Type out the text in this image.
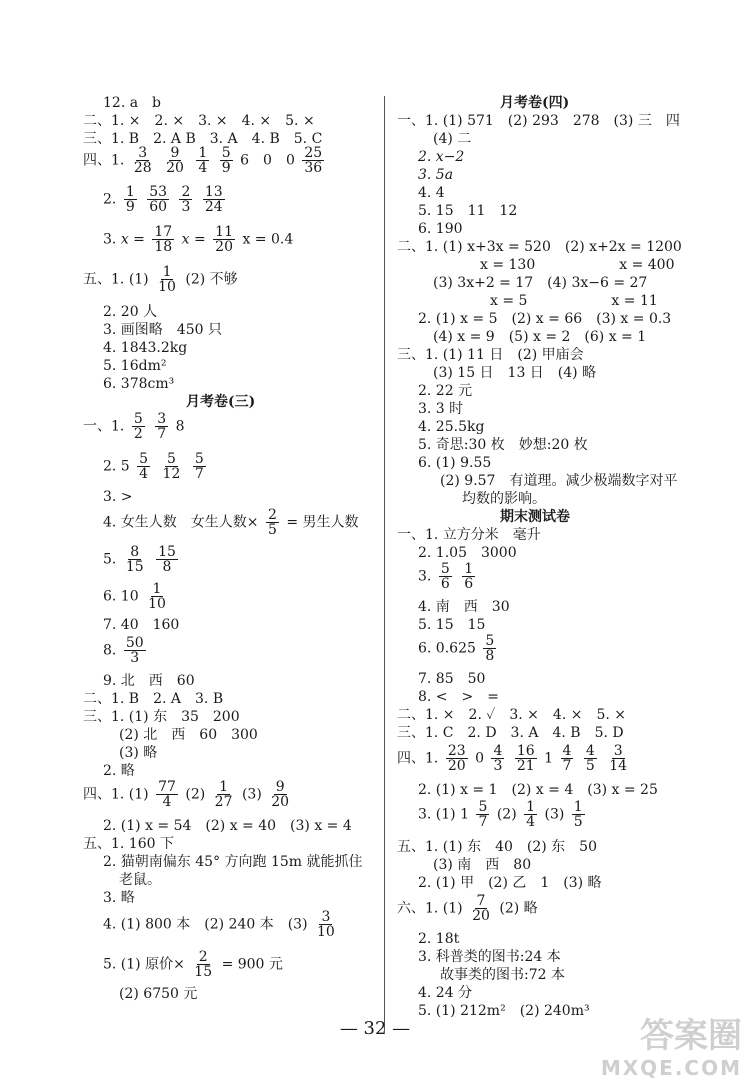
12. a　b
二、1. ×　2. ×　3. ×　4. ×　5. ×
三、1. B　2. A B　3. A　4. B　5. C
四、1. $\frac{3}{28}$
$\frac{9}{20}$
$\frac{1}{4}$
$\frac{5}{9} 6$　0　$0 \frac{25}{36}$
2. $\frac{1}{9}$
$\frac{53}{60}$
$\frac{2}{3}$
$\frac{13}{24}$
3. $x = \frac{17}{18}$ $x = \frac{11}{20}$ x = 0.4
五、1. $(1) \frac{1}{10} (2)$ 不够
2. 20 人
3. 画图略　450 只
4. 1843.2kg
5. 16dm²
6. 378cm³
月考卷(三)
一、1. $\frac{5}{2}$
$\frac{3}{7} 8$
2. $5 \frac{5}{4}$
$\frac{5}{12}$
$\frac{5}{7}$
3. >
4. 女生人数　女生人数× $\frac{2}{5}$ = 男生人数
5. $\frac{8}{15}$
$\frac{15}{8}$
6. $10 \frac{1}{10}$
7. 40　160
8. $\frac{50}{3}$
9. 北　西　60
二、1. B　2. A　3. B
三、1. (1) 东　35　200
(2) 北　西　60　300
(3) 略
2. 略
四、1. $(1) \frac{77}{4} (2) \frac{1}{27} (3) \frac{9}{20}$
2. (1) x = 54　(2) x = 40　(3) x = 4
五、1. 160 下
2. 猫朝南偏东 45° 方向跑 15m 就能抓住
老鼠。
3. 略
4. (1) 800 本　(2) 240 本　$(3) \frac{3}{10}$
5. (1) 原价× $\frac{2}{15} = 900$ 元
(2) 6750 元
月考卷(四)
一、1. (1) 571　(2) 293　278　(3) 三　四
(4) 二
2. x−2
3. 5a
4. 4
5. 15　11　12
6. 190
二、1. (1) x+3x = 520　(2) x+2x = 1200
x = 130　　　　　　x = 400
(3) 3x+2 = 17　(4) 3x−6 = 27
x = 5　　　　　　x = 11
2. (1) x = 5　(2) x = 66　(3) x = 0.3
(4) x = 9　(5) x = 2　(6) x = 1
三、1. (1) 11 日　(2) 甲庙会
(3) 15 日　13 日　(4) 略
2. 22 元
3. 3 时
4. 25.5kg
5. 奇思:30 枚　妙想:20 枚
6. (1) 9.55
(2) 9.57　有道理。减少极端数字对平
均数的影响。
期末测试卷
一、1. 立方分米　毫升
2. 1.05　3000
3. $\frac{5}{6}$
$\frac{1}{6}$
4. 南　西　30
5. 15　15
6. $0.625 \frac{5}{8}$
7. 85　50
8. <　>　=
二、1. ×　2. ✓　3. ×　4. ×　5. ×
三、1. C　2. D　3. A　4. B　5. D
四、1. $\frac{23}{20} 0 \frac{4}{3}$
$\frac{16}{21} 1 \frac{4}{7}$
$\frac{4}{5}$
$\frac{3}{14}$
2. (1) x = 1　(2) x = 4　(3) x = 25
3. (1) $1 \frac{5}{7} (2) \frac{1}{4} (3) \frac{1}{5}$
五、1. (1) 东　40　(2) 东　50
(3) 南　西　80
2. (1) 甲　(2) 乙　1　(3) 略
六、1. $(1) \frac{7}{20} (2)$ 略
2. 18t
3. 科普类的图书:24 本
故事类的图书:72 本
4. 24 分
5. (1) 212m²　(2) 240m³
— 32 —	答案圈
MXQE.COM
